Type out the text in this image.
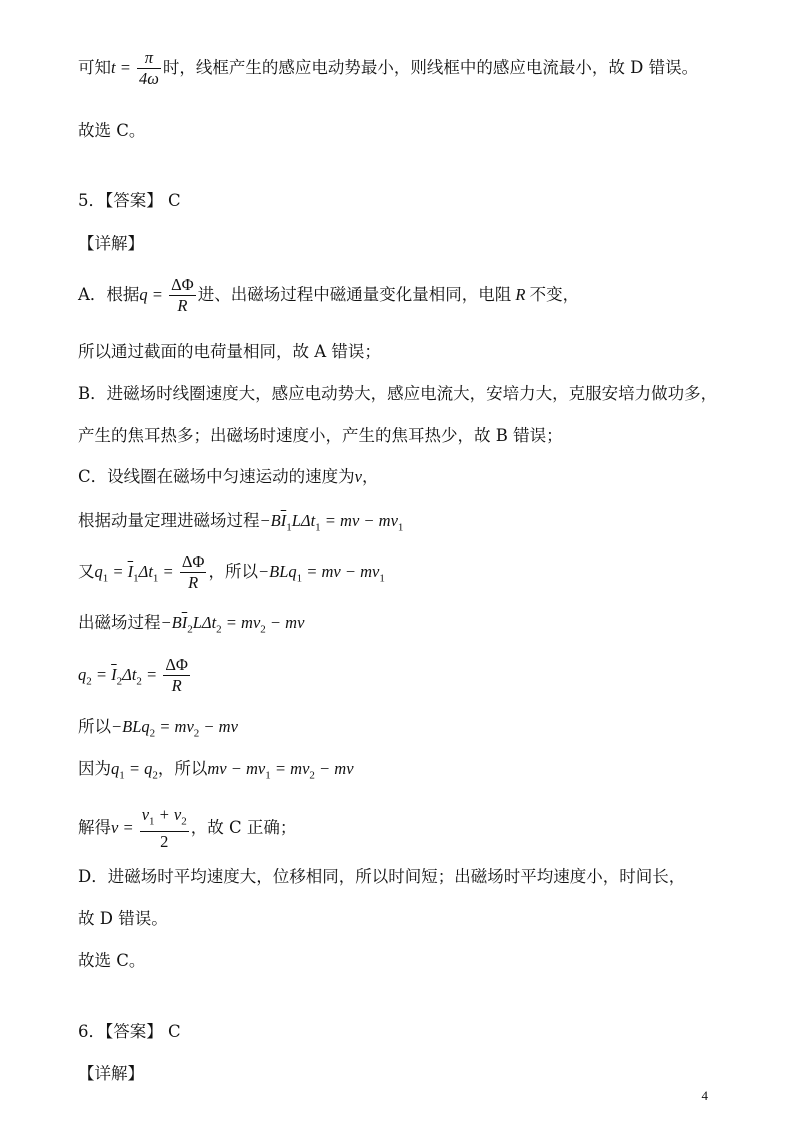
可知$t = \frac{\pi}{4\omega}$ 时，线框产生的感应电动势最小，则线框中的感应电流最小，故 D 错误。
故选 C。
5．【答案】 C
【详解】
A．根据$q = \frac{\Delta\Phi}{R}$ 进、出磁场过程中磁通量变化量相同，电阻 R 不变，
所以通过截面的电荷量相同，故 A 错误；
B．进磁场时线圈速度大，感应电动势大，感应电流大，安培力大，克服安培力做功多，
产生的焦耳热多；出磁场时速度小，产生的焦耳热少，故 B 错误；
C．设线圈在磁场中匀速运动的速度为v，
根据动量定理进磁场过程$-B\overline{I}_1L\Delta t_1$ = mv − $mv_1$
又$q_1 = \overline{I}_1\Delta t_1 = \frac{\Delta\Phi}{R}$ ，所以−BLq$_1$ = mv − $mv_1$
出磁场过程$-B\overline{I}_2L\Delta t_2 = mv_2$ − mv
$q_2 = \overline{I}_2\Delta t_2 = \frac{\Delta\Phi}{R}$
所以$-BLq_2 = mv_2$ − mv
因为$q_1 = q_2$，所以mv − $mv_1 = mv_2$ − mv
解得$v = \frac{v_1 + v_2}{2}$ ，故 C 正确；
D．进磁场时平均速度大，位移相同，所以时间短；出磁场时平均速度小，时间长，
故 D 错误。
故选 C。
6．【答案】 C
【详解】
4
